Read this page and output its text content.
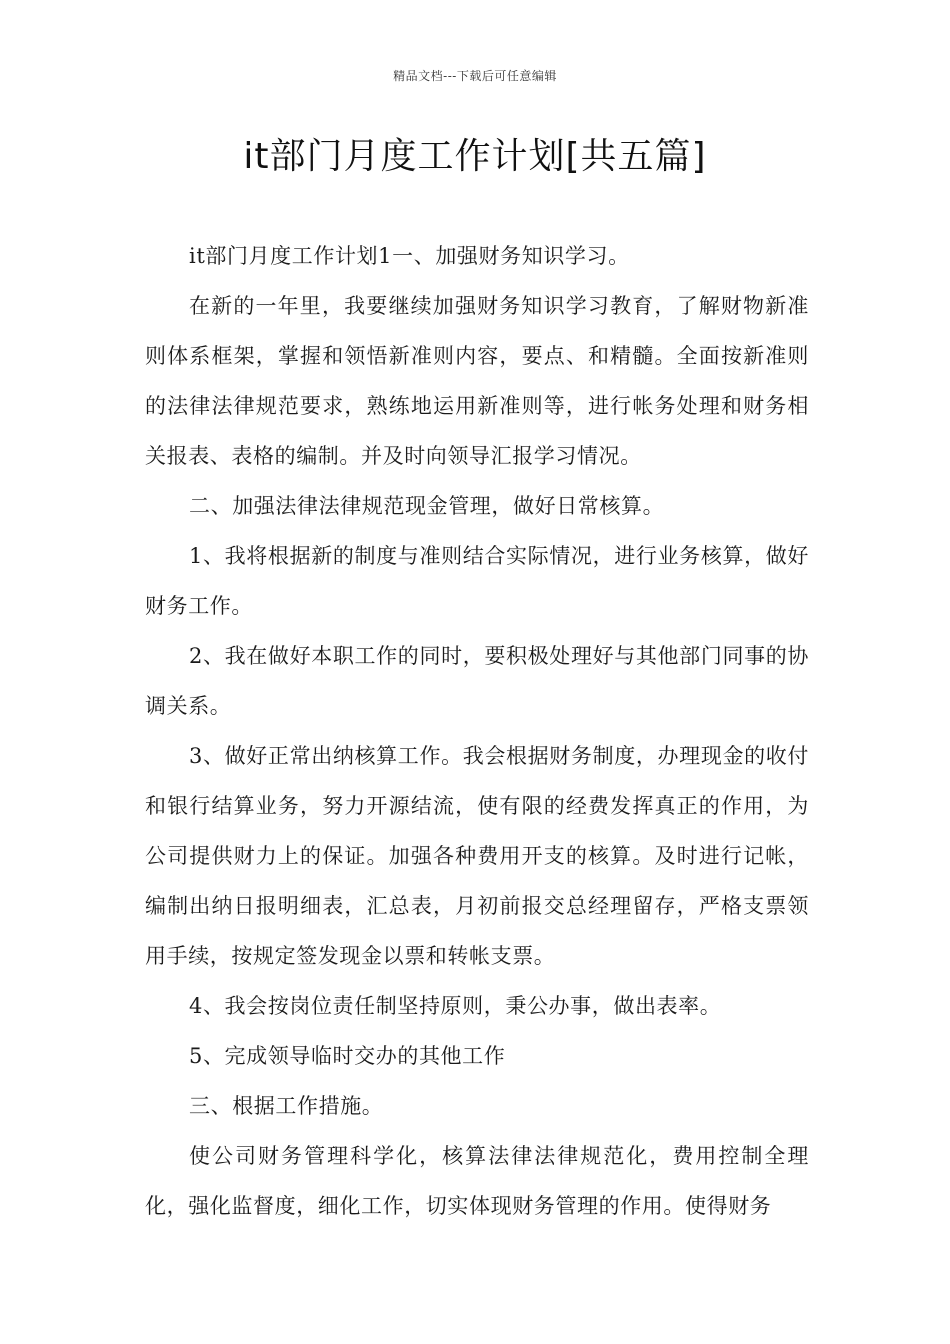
精品文档---下载后可任意编辑
it部门月度工作计划[共五篇]

it部门月度工作计划1一、加强财务知识学习。

在新的一年里，我要继续加强财务知识学习教育，了解财物新准则体系框架，掌握和领悟新准则内容，要点、和精髓。全面按新准则的法律法律规范要求，熟练地运用新准则等，进行帐务处理和财务相关报表、表格的编制。并及时向领导汇报学习情况。

二、加强法律法律规范现金管理，做好日常核算。

1、我将根据新的制度与准则结合实际情况，进行业务核算，做好财务工作。

2、我在做好本职工作的同时，要积极处理好与其他部门同事的协调关系。

3、做好正常出纳核算工作。我会根据财务制度，办理现金的收付和银行结算业务，努力开源结流，使有限的经费发挥真正的作用，为公司提供财力上的保证。加强各种费用开支的核算。及时进行记帐，编制出纳日报明细表，汇总表，月初前报交总经理留存，严格支票领用手续，按规定签发现金以票和转帐支票。

4、我会按岗位责任制坚持原则，秉公办事，做出表率。

5、完成领导临时交办的其他工作

三、根据工作措施。

使公司财务管理科学化，核算法律法律规范化，费用控制全理化，强化监督度，细化工作，切实体现财务管理的作用。使得财务
